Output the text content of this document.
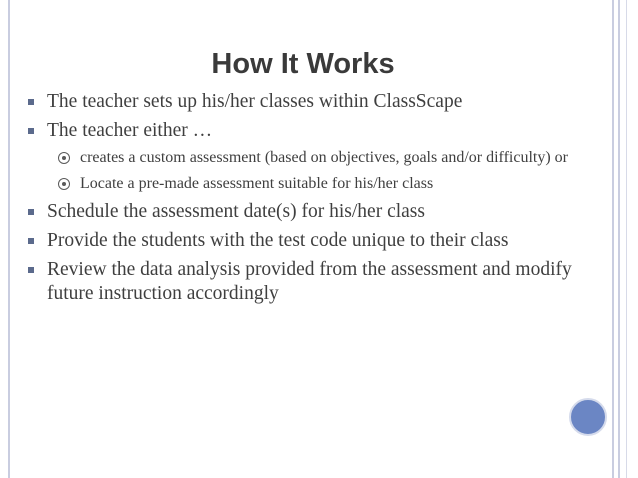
How It Works
The teacher sets up his/her classes within ClassScape
The teacher either …
creates a custom assessment (based on objectives, goals and/or difficulty) or
Locate a pre-made assessment suitable for his/her class
Schedule the assessment date(s) for his/her class
Provide the students with the test code unique to their class
Review the data analysis provided from the assessment and modify future instruction accordingly
